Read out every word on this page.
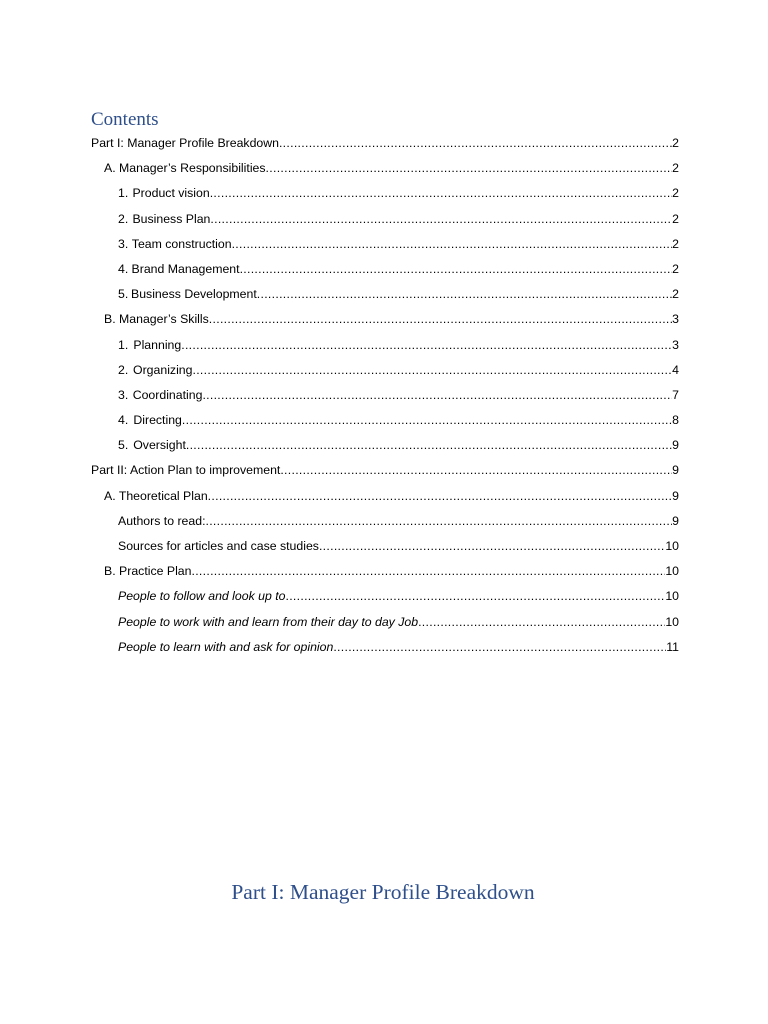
Contents
Part I: Manager Profile Breakdown .....	2
A. Manager’s Responsibilities .....	2
1. Product vision .....	2
2. Business Plan .....	2
3. Team construction .....	2
4. Brand Management .....	2
5. Business Development .....	2
B. Manager’s Skills .....	3
1. Planning .....	3
2. Organizing .....	4
3. Coordinating .....	7
4. Directing .....	8
5. Oversight .....	9
Part II: Action Plan to improvement .....	9
A. Theoretical Plan .....	9
Authors to read: .....	9
Sources for articles and case studies .....	10
B. Practice Plan .....	10
People to follow and look up to .....	10
People to work with and learn from their day to day Job .....	10
People to learn with and ask for opinion .....	11
Part I: Manager Profile Breakdown
